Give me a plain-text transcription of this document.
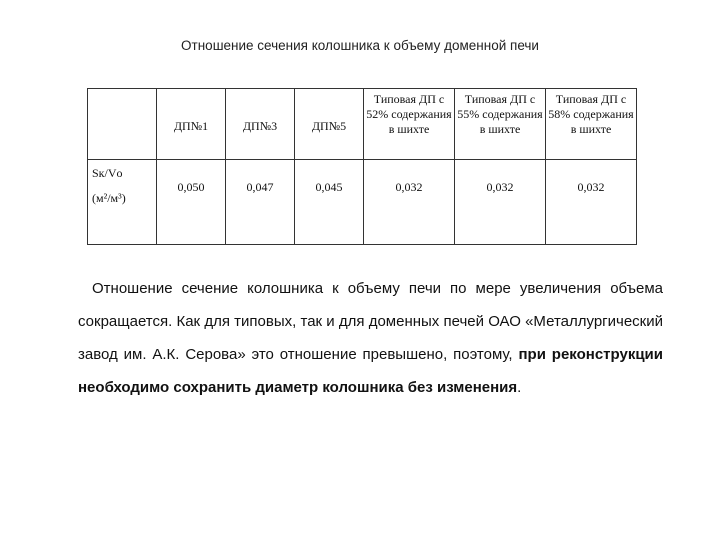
Отношение сечения колошника к объему доменной печи
	ДП№1	ДП№3	ДП№5	Типовая ДП с 52% содержания в шихте	Типовая ДП с 55% содержания в шихте	Типовая ДП с 58% содержания в шихте
Sк/Vо
(м²/м³)	0,050	0,047	0,045	0,032	0,032	0,032
Отношение сечение колошника к объему печи по мере увеличения объема сокращается. Как для типовых, так и для доменных печей ОАО «Металлургический завод им. А.К. Серова» это отношение превышено, поэтому, при реконструкции необходимо сохранить диаметр колошника без изменения.
